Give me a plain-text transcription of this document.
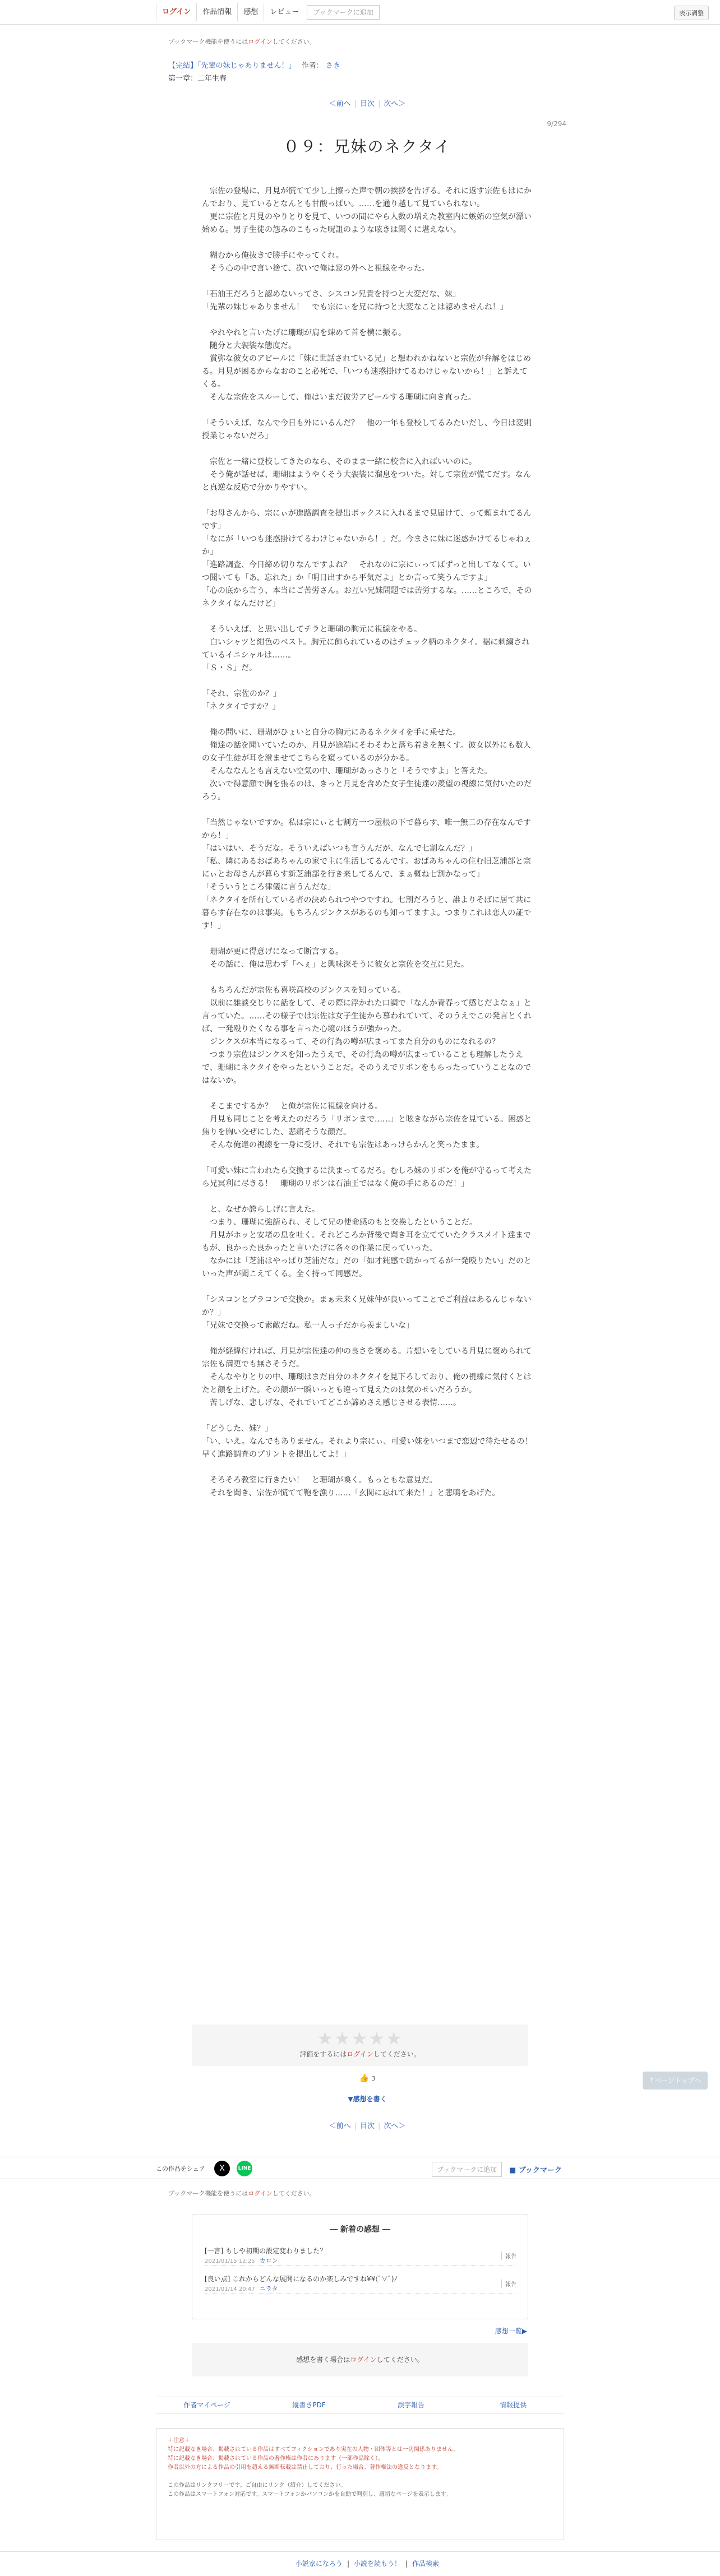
ログイン	作品情報	感想	レビュー	ブックマークに追加	表示調整
ブックマーク機能を使うにはログインしてください。
【完結】「先輩の妹じゃありません！」 作者： さき
第一章：二年生春
＜前へ | 目次 | 次へ＞
9/294
０９：兄妹のネクタイ

　宗佐の登場に、月見が慌てて少し上擦った声で朝の挨拶を告げる。それに返す宗佐もはにかんでおり、見ているとなんとも甘酸っぱい。……を通り越して見ていられない。

　更に宗佐と月見のやりとりを見て、いつの間にやら人数の増えた教室内に嫉妬の空気が漂い始める。男子生徒の怨みのこもった呪詛のような呟きは聞くに堪えない。

　糊むから俺抜きで勝手にやってくれ。

　そう心の中で言い捨て、次いで俺は窓の外へと視線をやった。

「石油王だろうと認めないってさ、シスコン兄貴を持つと大変だな、妹」

「先輩の妹じゃありません！　でも宗にぃを兄に持つと大変なことは認めませんね！」

　やれやれと言いたげに珊瑚が肩を竦めて首を横に振る。

　随分と大袈裟な態度だ。

　賞弥な彼女のアピールに「妹に世話されている兄」と想われかねないと宗佐が弁解をはじめる。月見が困るからなおのこと必死で、「いつも迷惑掛けてるわけじゃないから！」と訴えてくる。

　そんな宗佐をスルーして、俺はいまだ彼労アピールする珊瑚に向き直った。

「そういえば、なんで今日も外にいるんだ？　他の一年も登校してるみたいだし、今日は変則授業じゃないだろ」

　宗佐と一緒に登校してきたのなら、そのまま一緒に校舎に入ればいいのに。

　そう俺が話せば、珊瑚はようやくそう大袈裟に溜息をついた。対して宗佐が慌てだす。なんと真逆な反応で分かりやすい。

「お母さんから、宗にぃが進路調査を提出ボックスに入れるまで見届けて、って頼まれてるんです」

「なにが「いつも迷惑掛けてるわけじゃないから！」だ。今まさに妹に迷惑かけてるじゃねぇか」

「進路調査、今日締め切りなんですよね？　それなのに宗にぃってばずっと出してなくて。いつ聞いても「あ、忘れた」か「明日出すから平気だよ」とか言って笑うんですよ」

「心の底から言う、本当にご苦労さん。お互い兄妹問題では苦労するな。……ところで、そのネクタイなんだけど」

　そういえば、と思い出してチラと珊瑚の胸元に視線をやる。

　白いシャツと紺色のベスト。胸元に飾られているのはチェック柄のネクタイ。裾に刺繍されているイニシャルは……。

「Ｓ・Ｓ」だ。

「それ、宗佐のか？」

「ネクタイですか？」

　俺の問いに、珊瑚がひょいと自分の胸元にあるネクタイを手に乗せた。

　俺達の話を聞いていたのか、月見が途端にそわそわと落ち着きを無くす。彼女以外にも数人の女子生徒が耳を澄ませてこちらを窺っているのが分かる。

　そんななんとも言えない空気の中、珊瑚があっさりと「そうですよ」と答えた。

　次いで得意顔で胸を張るのは、きっと月見を含めた女子生徒達の羨望の視線に気付いたのだろう。

「当然じゃないですか。私は宗にぃと七割方一つ屋根の下で暮らす、唯一無二の存在なんですから！」

「はいはい、そうだな。そういえばいつも言うんだが、なんで七割なんだ？」

「私、隣にあるおばあちゃんの家で主に生活してるんです。おばあちゃんの住む旧芝浦部と宗にぃとお母さんが暮らす新芝浦部を行き来してるんで、まぁ概ね七割かなって」

「そういうところ律儀に言うんだな」

「ネクタイを所有している者の決められつやつですね。七割だろうと、誰よりそばに居て共に暮らす存在なのは事実。もちろんジンクスがあるのも知ってますよ。つまりこれは恋人の証です！」

　珊瑚が更に得意げになって断言する。

　その話に、俺は思わず「へぇ」と興味深そうに彼女と宗佐を交互に見た。

　もちろんだが宗佐も喜咲高校のジンクスを知っている。

　以前に雑談交じりに話をして、その際に浮かれた口調で「なんか青春って感じだよなぁ」と言っていた。……その様子では宗佐は女子生徒から慕われていて、そのうえでこの発言とくれば、一発殴りたくなる事を言った心境のほうが強かった。

　ジンクスが本当になるって、その行為の噂が広まってまた自分のものになれるの？

　つまり宗佐はジンクスを知ったうえで、その行為の噂が広まっていることも理解したうえで、珊瑚にネクタイをやったということだ。そのうえでリボンをもらったっていうことなのではないか。

　そこまでするか？　と俺が宗佐に視線を向ける。

　月見も同じことを考えたのだろう「リボンまで……」と呟きながら宗佐を見ている。困惑と焦りを胸い交ぜにした、悲痛そうな顔だ。

　そんな俺達の視線を一身に受け、それでも宗佐はあっけらかんと笑ったまま。

「可愛い妹に言われたら交換するに決まってるだろ。むしろ妹のリボンを俺が守るって考えたら兄冥利に尽きる！　珊瑚のリボンは石油王ではなく俺の手にあるのだ！」

　と、なぜか誇らしげに言えた。

　つまり、珊瑚に強請られ、そして兄の使命感のもと交換したということだ。

　月見がホッと安堵の息を吐く。それどころか背後で聞き耳を立てていたクラスメイト達までもが、良かった良かったと言いたげに各々の作業に戻っていった。

　なかには「芝浦はやっぱり芝浦だな」だの「如才鈍感で助かってるが一発殴りたい」だのといった声が聞こえてくる。全く持って同感だ。

「シスコンとブラコンで交換か。まぁ未来く兄妹仲が良いってことでご利益はあるんじゃないか？」

「兄妹で交換って素敵だね。私一人っ子だから羨ましいな」

　俺が経緯付ければ、月見が宗佐達の仲の良さを褒める。片想いをしている月見に褒められて宗佐も満更でも無さそうだ。

　そんなやりとりの中、珊瑚はまだ自分のネクタイを見下ろしており、俺の視線に気付くとはたと顔を上げた。その顔が一瞬いっとも違って見えたのは気のせいだろうか。

　苦しげな、悲しげな、それでいてどこか諦めさえ感じさせる表情……。

「どうした、妹？」

「い、いえ。なんでもありません。それより宗にぃ、可愛い妹をいつまで恋辺で待たせるの！　早く進路調査のプリントを提出してよ！」

　そろそろ教室に行きたい！　と珊瑚が喚く。もっともな意見だ。

　それを聞き、宗佐が慌てて鞄を漁り……「玄関に忘れて来た！」と悲鳴をあげた。

★★★★★
評価をするにはログインしてください。
👍 3
▼感想を書く
↑ページトップへ
＜前へ | 目次 | 次へ＞
この作品をシェア	X	LINE	ブックマークに追加	■ ブックマーク
ブックマーク機能を使うにはログインしてください。
― 新着の感想 ―
[一言] もしや初期の設定変わりました？
2021/01/15 12:25 カロン
報告
[良い点] これからどんな展開になるのか楽しみですね¥¥(ﾟ∀ﾟ)ﾉ
2021/01/14 20:47 ニラタ
報告
感想一覧▶
感想を書く場合はログインしてください。
作者マイページ	縦書きPDF	誤字報告	情報提供
＋注意＋
特に記載なき場合、掲載されている作品はすべてフィクションであり実在の人物・団体等とは一切関係ありません。
特に記載なき場合、掲載されている作品の著作権は作者にあります（一部作品除く）。
作者以外の方による作品の引用を超える無断転載は禁止しており、行った場合、著作権法の違反となります。
この作品はリンクフリーです。ご自由にリンク（紹介）してください。
この作品はスマートフォン対応です。スマートフォンかパソコンかを自動で判別し、適切なページを表示します。
小説家になろう | 小説を読もう！ | 作品検索
